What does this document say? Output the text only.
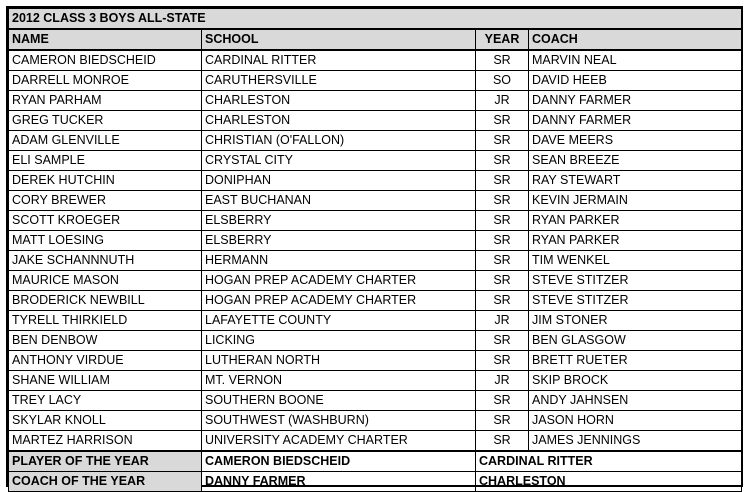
2012 CLASS 3 BOYS ALL-STATE			
NAME	SCHOOL	YEAR	COACH
CAMERON BIEDSCHEID	CARDINAL RITTER	SR	MARVIN NEAL
DARRELL MONROE	CARUTHERSVILLE	SO	DAVID HEEB
RYAN PARHAM	CHARLESTON	JR	DANNY FARMER
GREG TUCKER	CHARLESTON	SR	DANNY FARMER
ADAM GLENVILLE	CHRISTIAN (O'FALLON)	SR	DAVE MEERS
ELI SAMPLE	CRYSTAL CITY	SR	SEAN BREEZE
DEREK HUTCHIN	DONIPHAN	SR	RAY STEWART
CORY BREWER	EAST BUCHANAN	SR	KEVIN JERMAIN
SCOTT KROEGER	ELSBERRY	SR	RYAN PARKER
MATT LOESING	ELSBERRY	SR	RYAN PARKER
JAKE SCHANNNUTH	HERMANN	SR	TIM WENKEL
MAURICE MASON	HOGAN PREP ACADEMY CHARTER	SR	STEVE STITZER
BRODERICK NEWBILL	HOGAN PREP ACADEMY CHARTER	SR	STEVE STITZER
TYRELL THIRKIELD	LAFAYETTE COUNTY	JR	JIM STONER
BEN DENBOW	LICKING	SR	BEN GLASGOW
ANTHONY VIRDUE	LUTHERAN NORTH	SR	BRETT RUETER
SHANE WILLIAM	MT. VERNON	JR	SKIP BROCK
TREY LACY	SOUTHERN BOONE	SR	ANDY JAHNSEN
SKYLAR KNOLL	SOUTHWEST (WASHBURN)	SR	JASON HORN
MARTEZ HARRISON	UNIVERSITY ACADEMY CHARTER	SR	JAMES JENNINGS
PLAYER OF THE YEAR	CAMERON BIEDSCHEID	CARDINAL RITTER	
COACH OF THE YEAR	DANNY FARMER	CHARLESTON	
